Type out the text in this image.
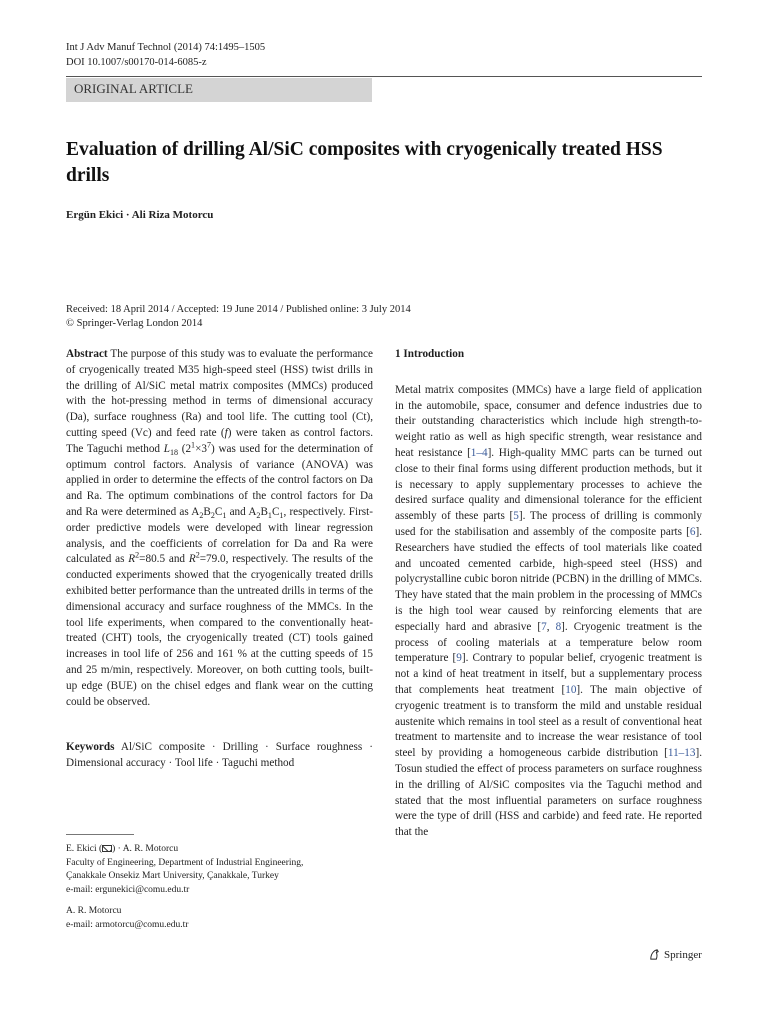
Int J Adv Manuf Technol (2014) 74:1495–1505
DOI 10.1007/s00170-014-6085-z
ORIGINAL ARTICLE
Evaluation of drilling Al/SiC composites with cryogenically treated HSS drills
Ergün Ekici · Ali Riza Motorcu
Received: 18 April 2014 / Accepted: 19 June 2014 / Published online: 3 July 2014
© Springer-Verlag London 2014

Abstract The purpose of this study was to evaluate the performance of cryogenically treated M35 high-speed steel (HSS) twist drills in the drilling of Al/SiC metal matrix composites (MMCs) produced with the hot-pressing method in terms of dimensional accuracy (Da), surface roughness (Ra) and tool life. The cutting tool (Ct), cutting speed (Vc) and feed rate (f) were taken as control factors. The Taguchi method $L_{18}$ $(2^1\times 3^7)$ was used for the determination of optimum control factors. Analysis of variance (ANOVA) was applied in order to determine the effects of the control factors on Da and Ra. The optimum combinations of the control factors for Da and Ra were determined as $A_2B_2C_1$ and $A_2B_1C_1$, respectively. First-order predictive models were developed with linear regression analysis, and the coefficients of correlation for Da and Ra were calculated as $R^2=80.5$ and $R^2=79.0$, respectively. The results of the conducted experiments showed that the cryogenically treated drills exhibited better performance than the untreated drills in terms of the dimensional accuracy and surface roughness of the MMCs. In the tool life experiments, when compared to the conventionally heat-treated (CHT) tools, the cryogenically treated (CT) tools gained increases in tool life of 256 and 161 % at the cutting speeds of 15 and 25 m/min, respectively. Moreover, on both cutting tools, built-up edge (BUE) on the chisel edges and flank wear on the cutting could be observed.

Keywords Al/SiC composite · Drilling · Surface roughness · Dimensional accuracy · Tool life · Taguchi method

E. Ekici ( ) · A. R. Motorcu

Faculty of Engineering, Department of Industrial Engineering,

Çanakkale Onsekiz Mart University, Çanakkale, Turkey

e-mail: ergunekici@comu.edu.tr

A. R. Motorcu

e-mail: armotorcu@comu.edu.tr

1 Introduction

Metal matrix composites (MMCs) have a large field of application in the automobile, space, consumer and defence industries due to their outstanding characteristics which include high strength-to-weight ratio as well as high specific strength, wear resistance and heat resistance [1–4]. High-quality MMC parts can be turned out close to their final forms using different production methods, but it is necessary to apply supplementary processes to achieve the desired surface quality and dimensional tolerance for the efficient assembly of these parts [5]. The process of drilling is commonly used for the stabilisation and assembly of the composite parts [6]. Researchers have studied the effects of tool materials like coated and uncoated cemented carbide, high-speed steel (HSS) and polycrystalline cubic boron nitride (PCBN) in the drilling of MMCs. They have stated that the main problem in the processing of MMCs is the high tool wear caused by reinforcing elements that are especially hard and abrasive [7, 8]. Cryogenic treatment is the process of cooling materials at a temperature below room temperature [9]. Contrary to popular belief, cryogenic treatment is not a kind of heat treatment in itself, but a supplementary process that complements heat treatment [10]. The main objective of cryogenic treatment is to transform the mild and unstable residual austenite which remains in tool steel as a result of conventional heat treatment to martensite and to increase the wear resistance of tool steel by providing a homogeneous carbide distribution [11–13]. Tosun studied the effect of process parameters on surface roughness in the drilling of Al/SiC composites via the Taguchi method and stated that the most influential parameters on surface roughness were the type of drill (HSS and carbide) and feed rate. He reported that the

Springer
